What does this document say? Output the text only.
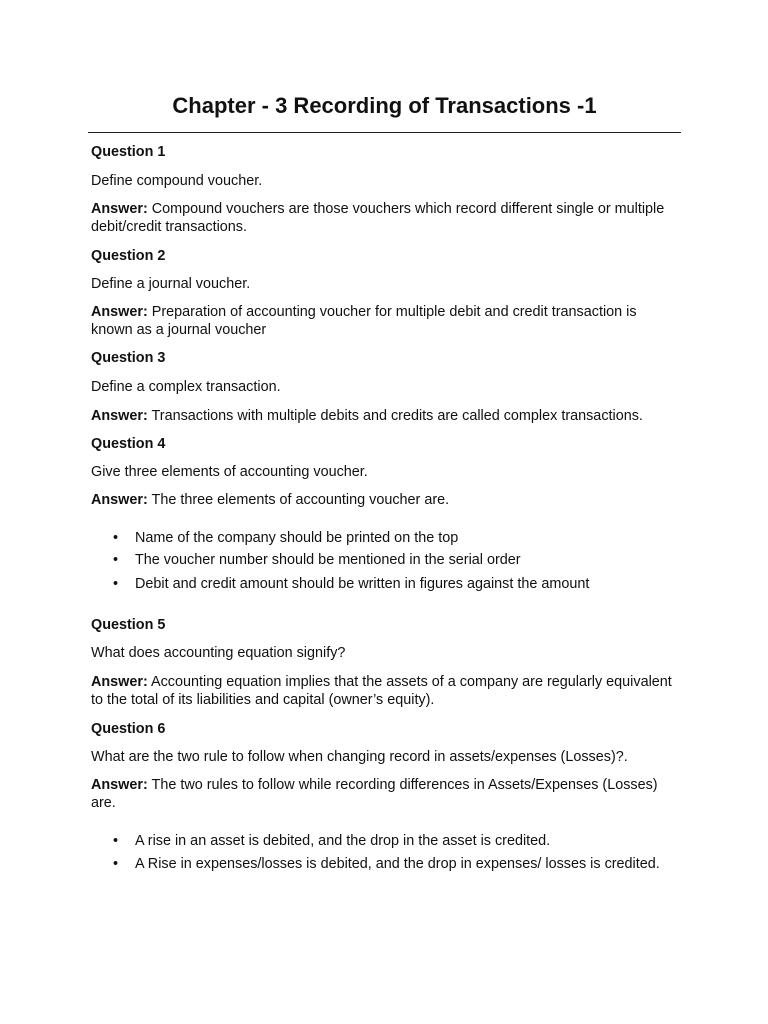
Chapter - 3 Recording of Transactions -1

Question 1

Define compound voucher.

Answer: Compound vouchers are those vouchers which record different single or multiple debit/credit transactions.

Question 2

Define a journal voucher.

Answer: Preparation of accounting voucher for multiple debit and credit transaction is known as a journal voucher

Question 3

Define a complex transaction.

Answer: Transactions with multiple debits and credits are called complex transactions.

Question 4

Give three elements of accounting voucher.

Answer: The three elements of accounting voucher are.

• Name of the company should be printed on the top
• The voucher number should be mentioned in the serial order
• Debit and credit amount should be written in figures against the amount

Question 5

What does accounting equation signify?

Answer: Accounting equation implies that the assets of a company are regularly equivalent to the total of its liabilities and capital (owner’s equity).

Question 6

What are the two rule to follow when changing record in assets/expenses (Losses)?.

Answer: The two rules to follow while recording differences in Assets/Expenses (Losses) are.

• A rise in an asset is debited, and the drop in the asset is credited.
• A Rise in expenses/losses is debited, and the drop in expenses/ losses is credited.
